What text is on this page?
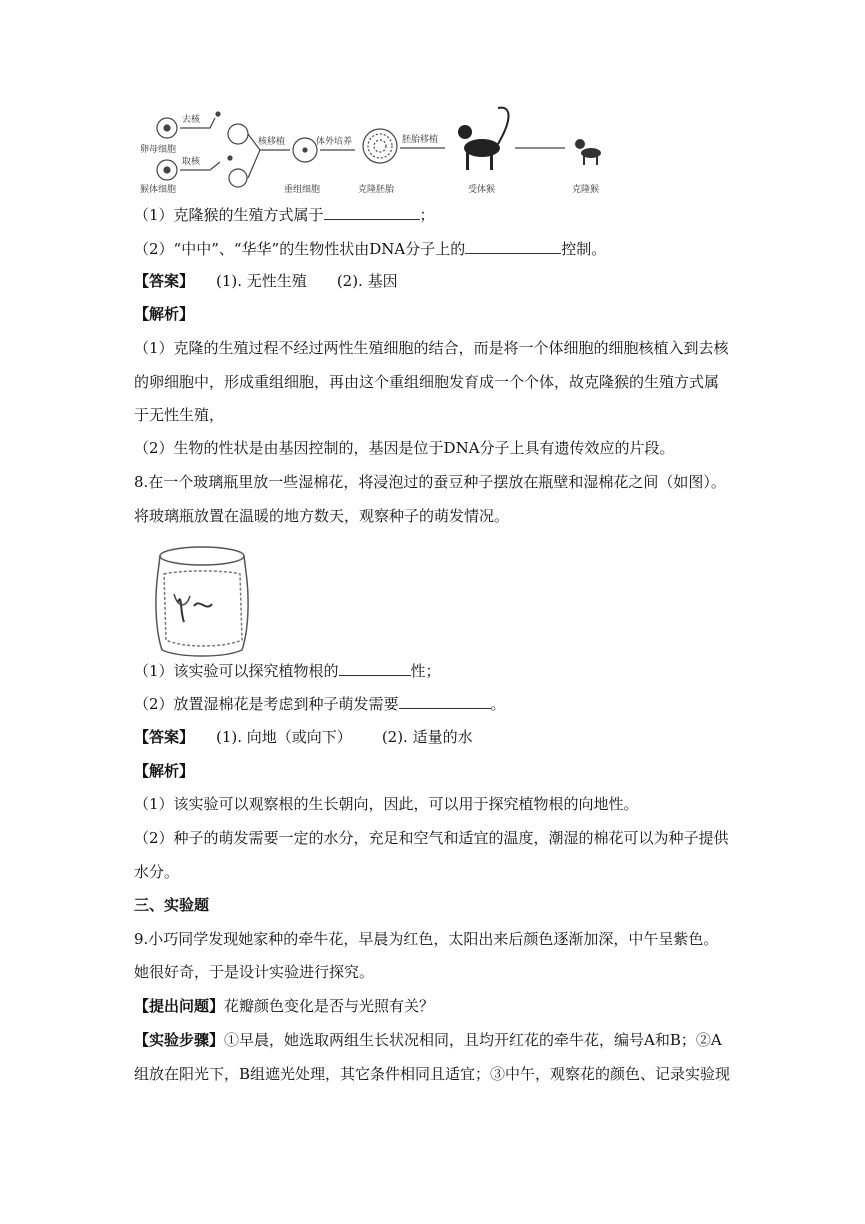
去核
取核
卵母细胞
猴体细胞
核移植	体外培养	胚胎移植
重组细胞	克隆胚胎	受体猴	克隆猴
（1）克隆猴的生殖方式属于	；
（2）“中中”、“华华”的生物性状由DNA分子上的	控制。
【答案】 (1). 无性生殖 (2). 基因
【解析】
（1）克隆的生殖过程不经过两性生殖细胞的结合，而是将一个体细胞的细胞核植入到去核
的卵细胞中，形成重组细胞，再由这个重组细胞发育成一个个体，故克隆猴的生殖方式属
于无性生殖，
（2）生物的性状是由基因控制的，基因是位于DNA分子上具有遗传效应的片段。
8.在一个玻璃瓶里放一些湿棉花，将浸泡过的蚕豆种子摆放在瓶壁和湿棉花之间（如图）。
将玻璃瓶放置在温暖的地方数天，观察种子的萌发情况。
（1）该实验可以探究植物根的	性；
（2）放置湿棉花是考虑到种子萌发需要	。
【答案】 (1). 向地（或向下） (2). 适量的水
【解析】
（1）该实验可以观察根的生长朝向，因此，可以用于探究植物根的向地性。
（2）种子的萌发需要一定的水分，充足和空气和适宜的温度，潮湿的棉花可以为种子提供
水分。
三、实验题
9.小巧同学发现她家种的牵牛花，早晨为红色，太阳出来后颜色逐渐加深，中午呈紫色。
她很好奇，于是设计实验进行探究。
【提出问题】花瓣颜色变化是否与光照有关？
【实验步骤】①早晨，她选取两组生长状况相同，且均开红花的牵牛花，编号A和B；②A
组放在阳光下，B组遮光处理，其它条件相同且适宜；③中午，观察花的颜色、记录实验现
